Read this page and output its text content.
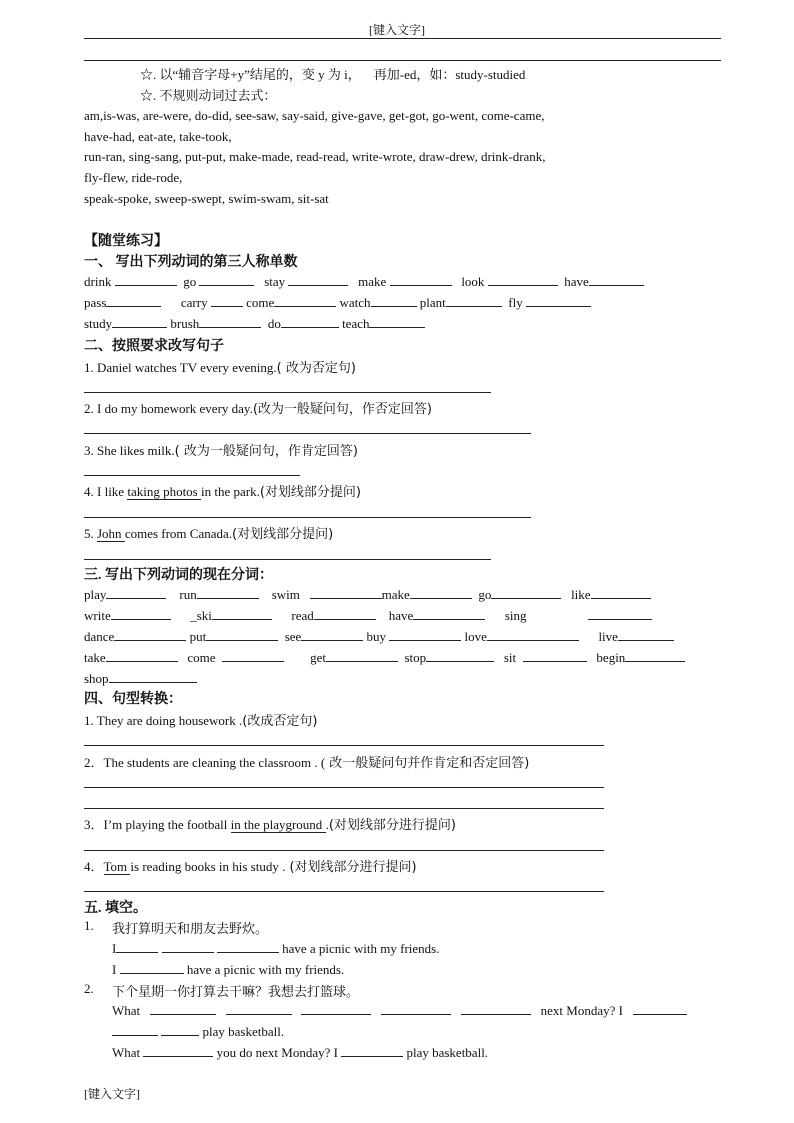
[键入文字]
☆. 以“辅音字母+y”结尾的，变 y 为 i， 再加-ed，如：study-studied
☆. 不规则动词过去式：
am,is-was, are-were, do-did, see-saw, say-said, give-gave, get-got, go-went, come-came,
have-had, eat-ate, take-took,
run-ran, sing-sang, put-put, make-made, read-read, write-wrote, draw-drew, drink-drank,
fly-flew, ride-rode,
speak-spoke, sweep-swept, swim-swam, sit-sat
【随堂练习】
一、 写出下列动词的第三人称单数
drink	go	stay	make	look	have
pass	carry	come	watch	plant	fly
study	brush	do	teach
二、按照要求改写句子
1. Daniel watches TV every evening.( 改为否定句)
2. I do my homework every day.(改为一般疑问句，作否定回答)
3. She likes milk.( 改为一般疑问句，作肯定回答)
4. I like taking photos in the park.(对划线部分提问)
5. John comes from Canada.(对划线部分提问)
三. 写出下列动词的现在分词：
play	run	swim	make	go	like
write	_ski	read	have	sing
dance	put	see	buy	love	live
take	come	get	stop	sit	begin
shop
四、句型转换：
1. They are doing housework .(改成否定句)
2．The students are cleaning the classroom . ( 改一般疑问句并作肯定和否定回答)
3．I’m playing the football in the playground .(对划线部分进行提问)
4．Tom is reading books in his study . (对划线部分进行提问)
五. 填空。
1. 我打算明天和朋友去野炊。
I	have a picnic with my friends.
I	have a picnic with my friends.
2. 下个星期一你打算去干嘛？我想去打篮球。
What	next Monday? I
play basketball.
What	you do next Monday? I	play basketball.
[键入文字]
